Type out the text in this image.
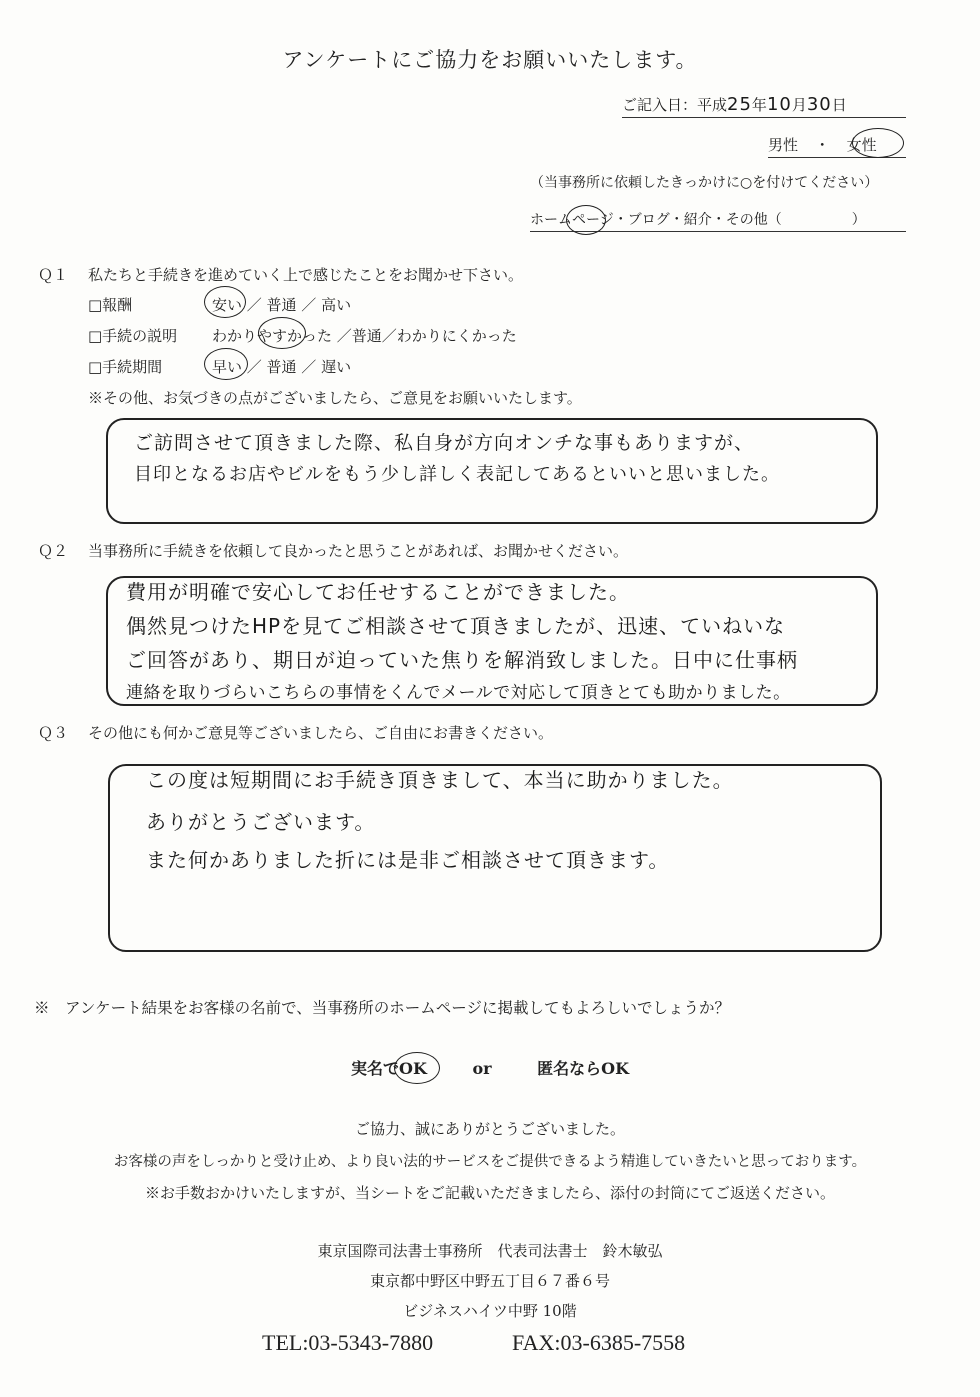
アンケートにご協力をお願いいたします。
ご記入日：平成25年10月30日
男性 ・ 女性
（当事務所に依頼したきっかけに○を付けてください）
ホームページ・ブログ・紹介・その他（　　　　　）
Ｑ１ 私たちと手続きを進めていく上で感じたことをお聞かせ下さい。
□報酬	安い ／ 普通 ／ 高い
□手続の説明 わかりやすかった ／普通／わかりにくかった
□手続期間	早い ／ 普通 ／ 遅い
※その他、お気づきの点がございましたら、ご意見をお願いいたします。
ご訪問させて頂きました際、私自身が方向オンチな事もありますが、
目印となるお店やビルをもう少し詳しく表記してあるといいと思いました。
Ｑ２ 当事務所に手続きを依頼して良かったと思うことがあれば、お聞かせください。
費用が明確で安心してお任せすることができました。
偶然見つけたHPを見てご相談させて頂きましたが、迅速、ていねいな
ご回答があり、期日が迫っていた焦りを解消致しました。日中に仕事柄
連絡を取りづらいこちらの事情をくんでメールで対応して頂きとても助かりました。
Ｑ３ その他にも何かご意見等ございましたら、ご自由にお書きください。
この度は短期間にお手続き頂きまして、本当に助かりました。
ありがとうございます。
また何かありました折には是非ご相談させて頂きます。
※　アンケート結果をお客様の名前で、当事務所のホームページに掲載してもよろしいでしょうか？
実名でOK	or	匿名ならOK
ご協力、誠にありがとうございました。
お客様の声をしっかりと受け止め、より良い法的サービスをご提供できるよう精進していきたいと思っております。
※お手数おかけいたしますが、当シートをご記載いただきましたら、添付の封筒にてご返送ください。
東京国際司法書士事務所　代表司法書士　鈴木敏弘
東京都中野区中野五丁目６７番６号
ビジネスハイツ中野 10階
TEL:03-5343-7880	FAX:03-6385-7558
